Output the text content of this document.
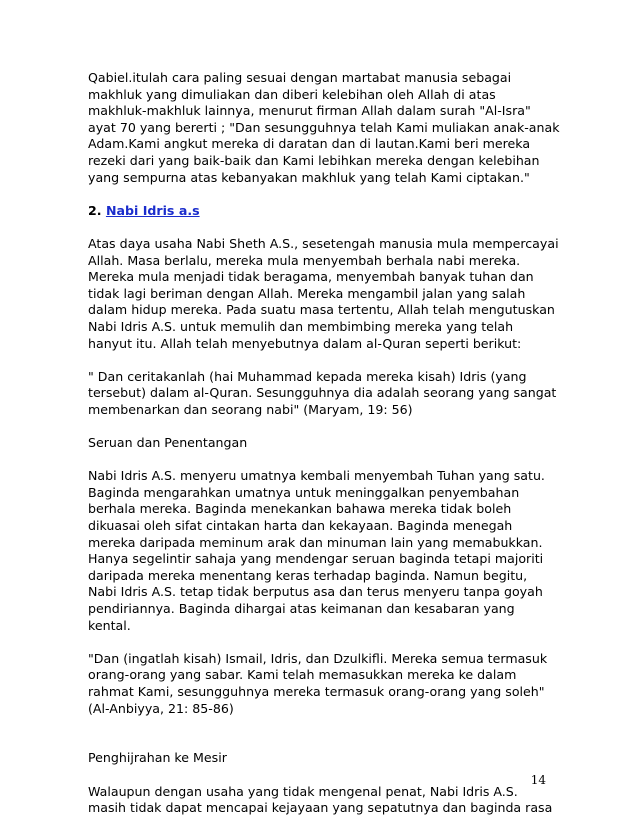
Qabiel.itulah cara paling sesuai dengan martabat manusia sebagai
makhluk yang dimuliakan dan diberi kelebihan oleh Allah di atas
makhluk-makhluk lainnya, menurut firman Allah dalam surah "Al-Isra"
ayat 70 yang bererti ; "Dan sesungguhnya telah Kami muliakan anak-anak
Adam.Kami angkut mereka di daratan dan di lautan.Kami beri mereka
rezeki dari yang baik-baik dan Kami lebihkan mereka dengan kelebihan
yang sempurna atas kebanyakan makhluk yang telah Kami ciptakan."

2. Nabi Idris a.s

Atas daya usaha Nabi Sheth A.S., sesetengah manusia mula mempercayai
Allah. Masa berlalu, mereka mula menyembah berhala nabi mereka.
Mereka mula menjadi tidak beragama, menyembah banyak tuhan dan
tidak lagi beriman dengan Allah. Mereka mengambil jalan yang salah
dalam hidup mereka. Pada suatu masa tertentu, Allah telah mengutuskan
Nabi Idris A.S. untuk memulih dan membimbing mereka yang telah
hanyut itu. Allah telah menyebutnya dalam al-Quran seperti berikut:

" Dan ceritakanlah (hai Muhammad kepada mereka kisah) Idris (yang
tersebut) dalam al-Quran. Sesungguhnya dia adalah seorang yang sangat
membenarkan dan seorang nabi" (Maryam, 19: 56)

Seruan dan Penentangan

Nabi Idris A.S. menyeru umatnya kembali menyembah Tuhan yang satu.
Baginda mengarahkan umatnya untuk meninggalkan penyembahan
berhala mereka. Baginda menekankan bahawa mereka tidak boleh
dikuasai oleh sifat cintakan harta dan kekayaan. Baginda menegah
mereka daripada meminum arak dan minuman lain yang memabukkan.
Hanya segelintir sahaja yang mendengar seruan baginda tetapi majoriti
daripada mereka menentang keras terhadap baginda. Namun begitu,
Nabi Idris A.S. tetap tidak berputus asa dan terus menyeru tanpa goyah
pendiriannya. Baginda dihargai atas keimanan dan kesabaran yang
kental.

"Dan (ingatlah kisah) Ismail, Idris, dan Dzulkifli. Mereka semua termasuk
orang-orang yang sabar. Kami telah memasukkan mereka ke dalam
rahmat Kami, sesungguhnya mereka termasuk orang-orang yang soleh"
(Al-Anbiyya, 21: 85-86)

Penghijrahan ke Mesir

Walaupun dengan usaha yang tidak mengenal penat, Nabi Idris A.S.
masih tidak dapat mencapai kejayaan yang sepatutnya dan baginda rasa

14
